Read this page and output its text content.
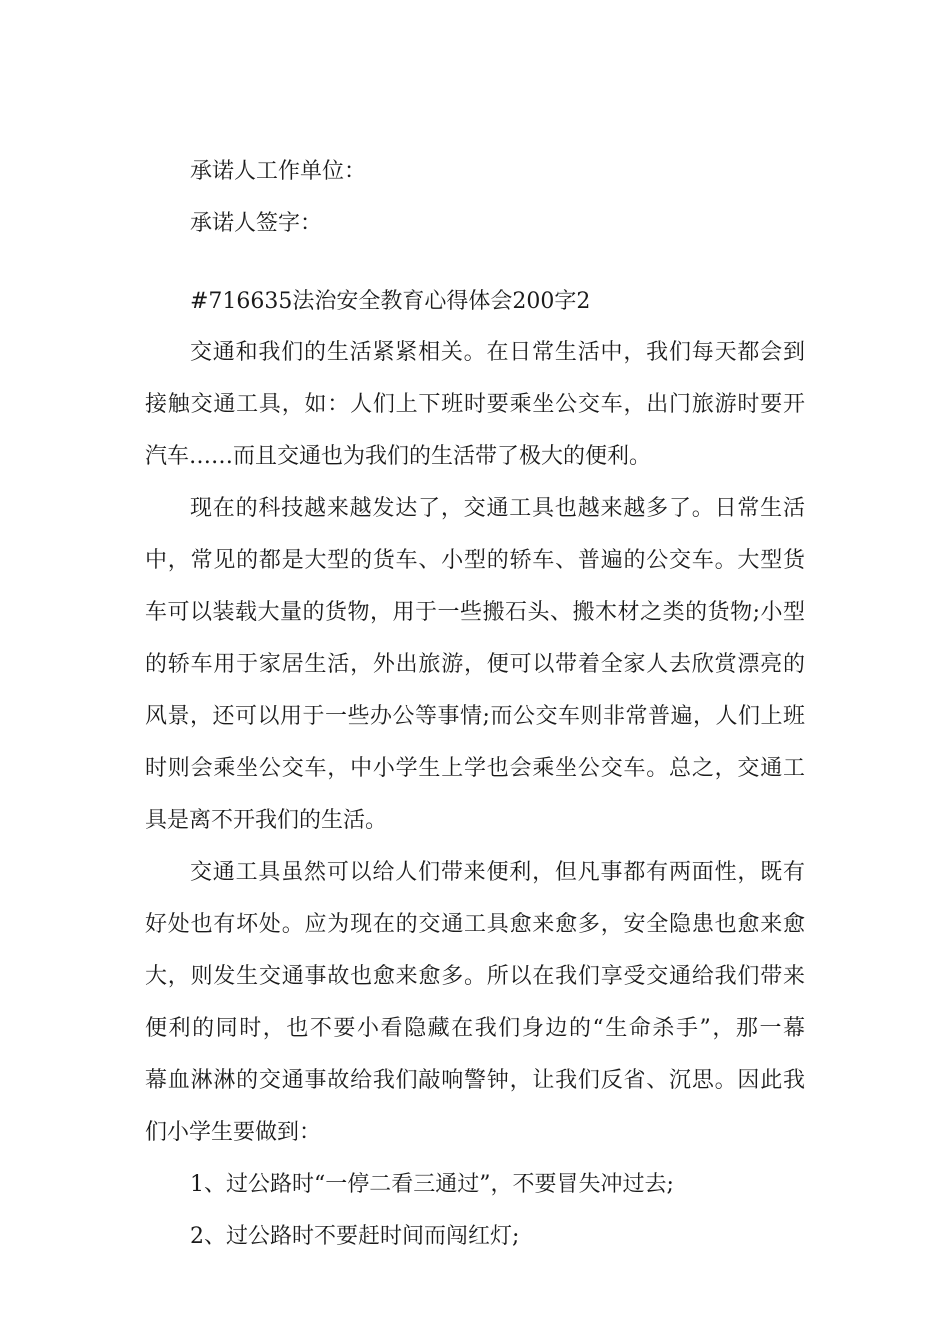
承诺人工作单位：
承诺人签字：
#716635法治安全教育心得体会200字2
交通和我们的生活紧紧相关。在日常生活中，我们每天都会到
接触交通工具，如：人们上下班时要乘坐公交车，出门旅游时要开
汽车……而且交通也为我们的生活带了极大的便利。
现在的科技越来越发达了，交通工具也越来越多了。日常生活
中，常见的都是大型的货车、小型的轿车、普遍的公交车。大型货
车可以装载大量的货物，用于一些搬石头、搬木材之类的货物;小型
的轿车用于家居生活，外出旅游，便可以带着全家人去欣赏漂亮的
风景，还可以用于一些办公等事情;而公交车则非常普遍，人们上班
时则会乘坐公交车，中小学生上学也会乘坐公交车。总之，交通工
具是离不开我们的生活。
交通工具虽然可以给人们带来便利，但凡事都有两面性，既有
好处也有坏处。应为现在的交通工具愈来愈多，安全隐患也愈来愈
大，则发生交通事故也愈来愈多。所以在我们享受交通给我们带来
便利的同时，也不要小看隐藏在我们身边的“生命杀手”，那一幕
幕血淋淋的交通事故给我们敲响警钟，让我们反省、沉思。因此我
们小学生要做到：
1、过公路时“一停二看三通过”，不要冒失冲过去;
2、过公路时不要赶时间而闯红灯;
